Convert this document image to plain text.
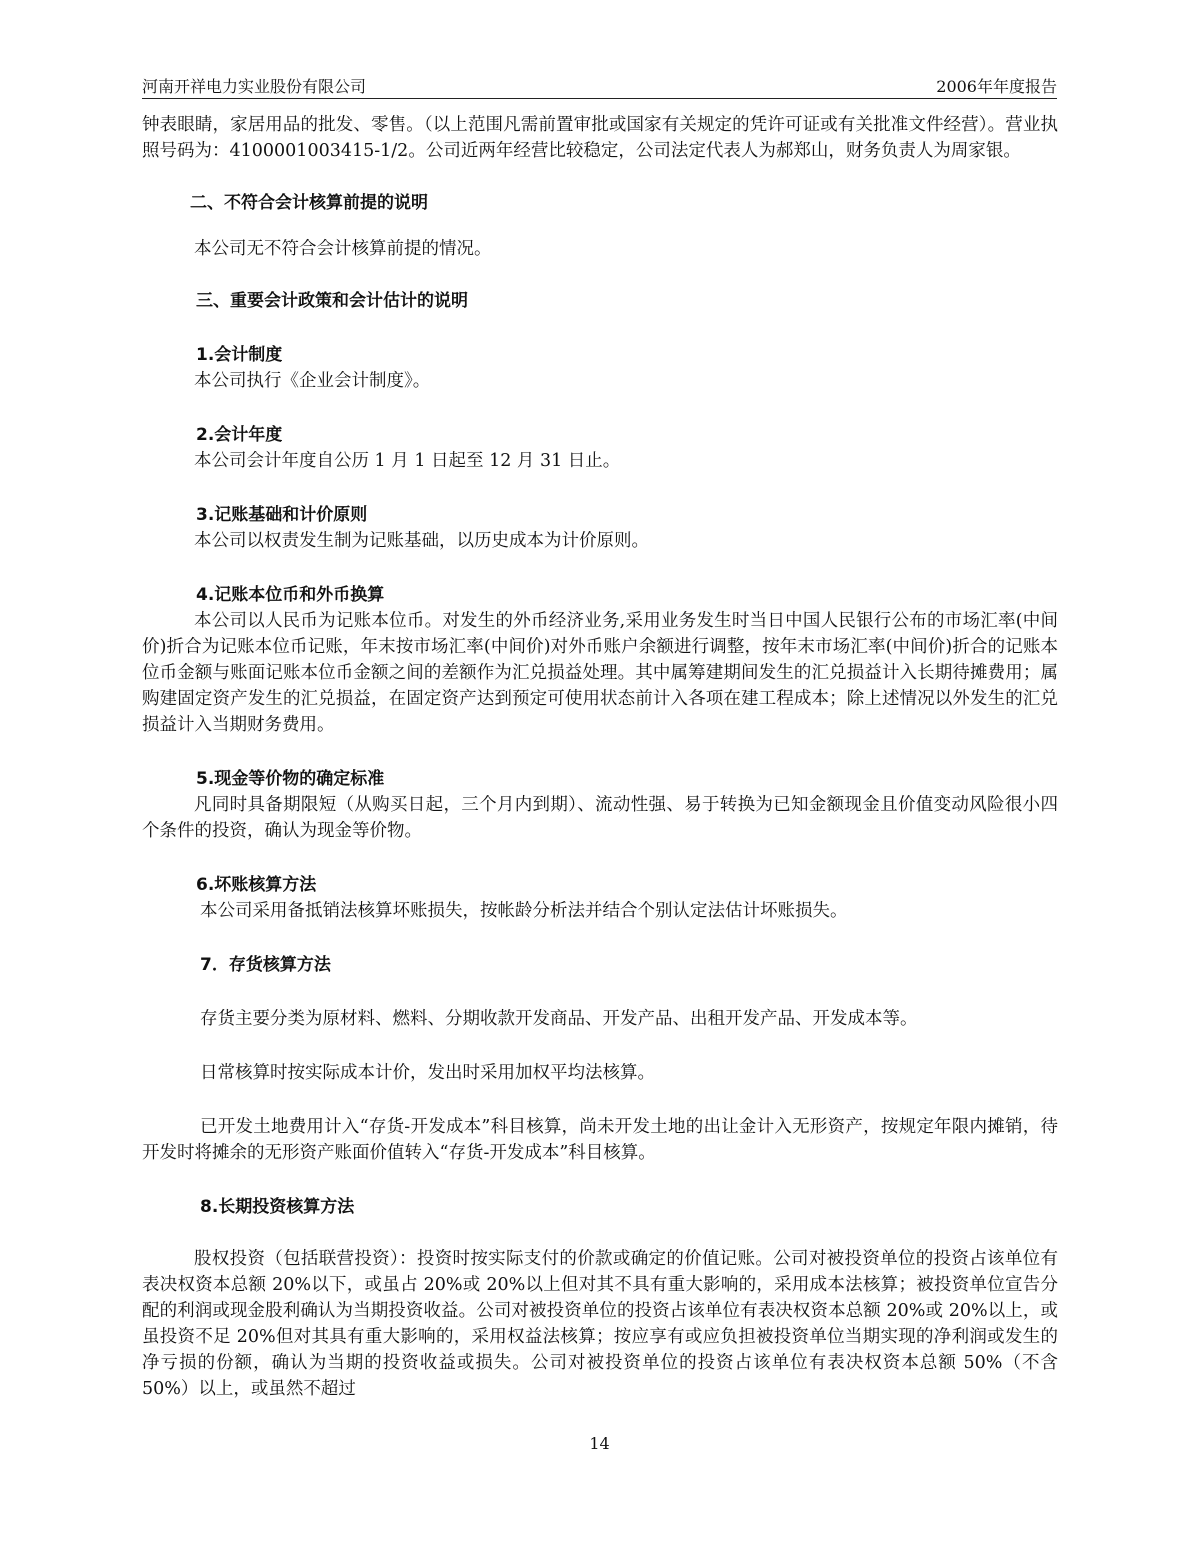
河南开祥电力实业股份有限公司	2006年年度报告

钟表眼睛，家居用品的批发、零售。（以上范围凡需前置审批或国家有关规定的凭许可证或有关批准文件经营）。营业执照号码为：4100001003415-1/2。公司近两年经营比较稳定，公司法定代表人为郝郑山，财务负责人为周家银。

二、不符合会计核算前提的说明

本公司无不符合会计核算前提的情况。

三、重要会计政策和会计估计的说明
1.会计制度

本公司执行《企业会计制度》。

2.会计年度

本公司会计年度自公历 1 月 1 日起至 12 月 31 日止。

3.记账基础和计价原则

本公司以权责发生制为记账基础，以历史成本为计价原则。

4.记账本位币和外币换算

本公司以人民币为记账本位币。对发生的外币经济业务,采用业务发生时当日中国人民银行公布的市场汇率(中间价)折合为记账本位币记账，年末按市场汇率(中间价)对外币账户余额进行调整，按年末市场汇率(中间价)折合的记账本位币金额与账面记账本位币金额之间的差额作为汇兑损益处理。其中属筹建期间发生的汇兑损益计入长期待摊费用；属购建固定资产发生的汇兑损益，在固定资产达到预定可使用状态前计入各项在建工程成本；除上述情况以外发生的汇兑损益计入当期财务费用。

5.现金等价物的确定标准

凡同时具备期限短（从购买日起，三个月内到期）、流动性强、易于转换为已知金额现金且价值变动风险很小四个条件的投资，确认为现金等价物。

6.坏账核算方法

本公司采用备抵销法核算坏账损失，按帐龄分析法并结合个别认定法估计坏账损失。

7．存货核算方法

存货主要分类为原材料、燃料、分期收款开发商品、开发产品、出租开发产品、开发成本等。

日常核算时按实际成本计价，发出时采用加权平均法核算。

已开发土地费用计入“存货-开发成本”科目核算，尚未开发土地的出让金计入无形资产，按规定年限内摊销，待开发时将摊余的无形资产账面价值转入“存货-开发成本”科目核算。

8.长期投资核算方法

股权投资（包括联营投资）：投资时按实际支付的价款或确定的价值记账。公司对被投资单位的投资占该单位有表决权资本总额 20%以下，或虽占 20%或 20%以上但对其不具有重大影响的，采用成本法核算；被投资单位宣告分配的利润或现金股利确认为当期投资收益。公司对被投资单位的投资占该单位有表决权资本总额 20%或 20%以上，或虽投资不足 20%但对其具有重大影响的，采用权益法核算；按应享有或应负担被投资单位当期实现的净利润或发生的净亏损的份额，确认为当期的投资收益或损失。公司对被投资单位的投资占该单位有表决权资本总额 50%（不含 50%）以上，或虽然不超过

14
